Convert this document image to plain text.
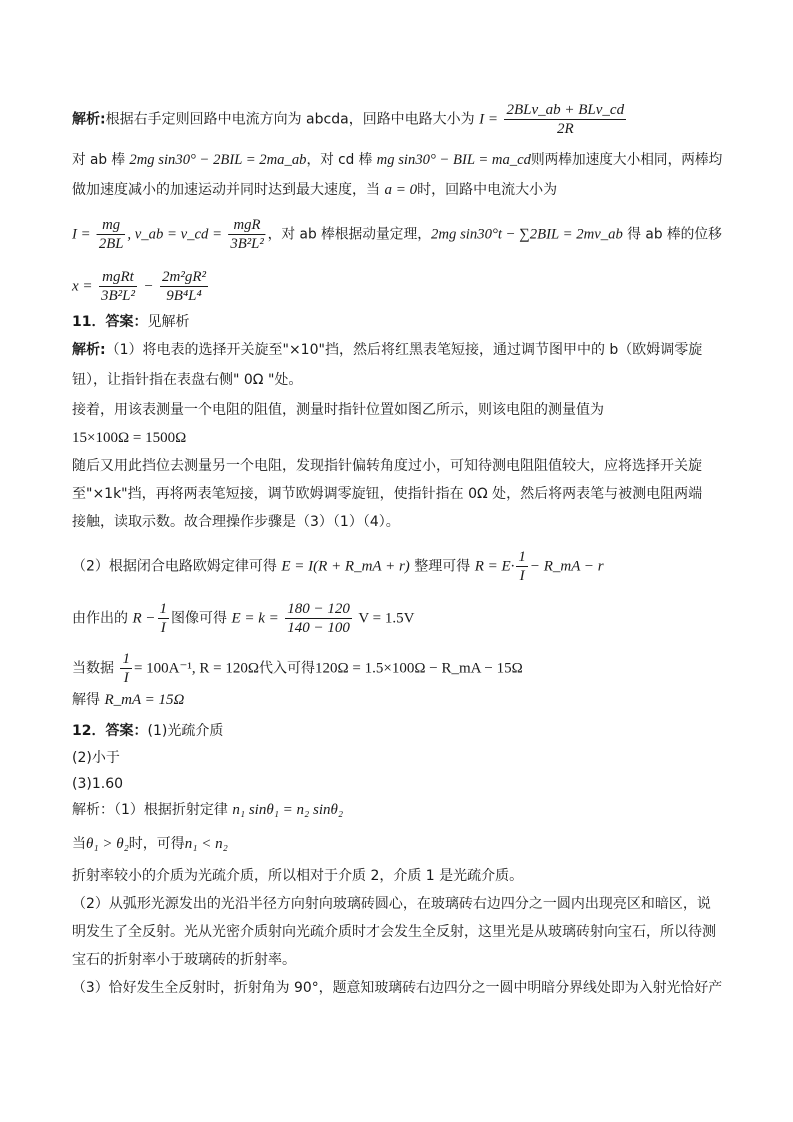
解析:根据右手定则回路中电流方向为 abcda，回路中电路大小为 $I = \frac{\text{2BLv\_ab + BLv\_cd}}{2R}$
对 ab 棒 2mg sin30° − 2BIL = 2ma_ab，对 cd 棒 mg sin30° − BIL = ma_cd则两棒加速度大小相同，两棒均
做加速度减小的加速运动并同时达到最大速度，当 a = 0时，回路中电流大小为
$I = \frac{mg}{2BL}$ , v_ab = v_cd = $\frac{\text{mgR}}{\text{3B²L²}}$ ，对 ab 棒根据动量定理，2mg sin30°t − ∑2BIL = 2mv_ab 得 ab 棒的位移
$x = \frac{\text{mgRt}}{\text{3B²L²}} - \frac{\text{2m²gR²}}{\text{9B⁴L⁴}}$
11．答案：见解析
解析:（1）将电表的选择开关旋至"×10"挡，然后将红黑表笔短接，通过调节图甲中的 b（欧姆调零旋
钮），让指针指在表盘右侧" 0Ω "处。
接着，用该表测量一个电阻的阻值，测量时指针位置如图乙所示，则该电阻的测量值为
15×100Ω = 1500Ω
随后又用此挡位去测量另一个电阻，发现指针偏转角度过小，可知待测电阻阻值较大，应将选择开关旋
至"×1k"挡，再将两表笔短接，调节欧姆调零旋钮，使指针指在 0Ω 处，然后将两表笔与被测电阻两端
接触，读取示数。故合理操作步骤是（3）（1）（4）。
（2）根据闭合电路欧姆定律可得 E = I(R + R_mA + r) 整理可得 $R = E\cdot \frac{1}{I}$ − R_mA − r
由作出的 $R - \frac{1}{I}$ 图像可得 $E = k = \frac{180 - 120}{140 - 100}$ V = 1.5V
当数据 $\frac{1}{I} = 100A^{-1}$, R = 120Ω代入可得120Ω = 1.5×100Ω − R_mA − 15Ω
解得 R_mA = 15Ω
12．答案：(1)光疏介质
(2)小于
(3)1.60
解析：（1）根据折射定律 n₁ sinθ₁ = n₂ sinθ₂
当θ₁ > θ₂时，可得n₁ < n₂
折射率较小的介质为光疏介质，所以相对于介质 2，介质 1 是光疏介质。
（2）从弧形光源发出的光沿半径方向射向玻璃砖圆心，在玻璃砖右边四分之一圆内出现亮区和暗区，说
明发生了全反射。光从光密介质射向光疏介质时才会发生全反射，这里光是从玻璃砖射向宝石，所以待测
宝石的折射率小于玻璃砖的折射率。
（3）恰好发生全反射时，折射角为 90°，题意知玻璃砖右边四分之一圆中明暗分界线处即为入射光恰好产
